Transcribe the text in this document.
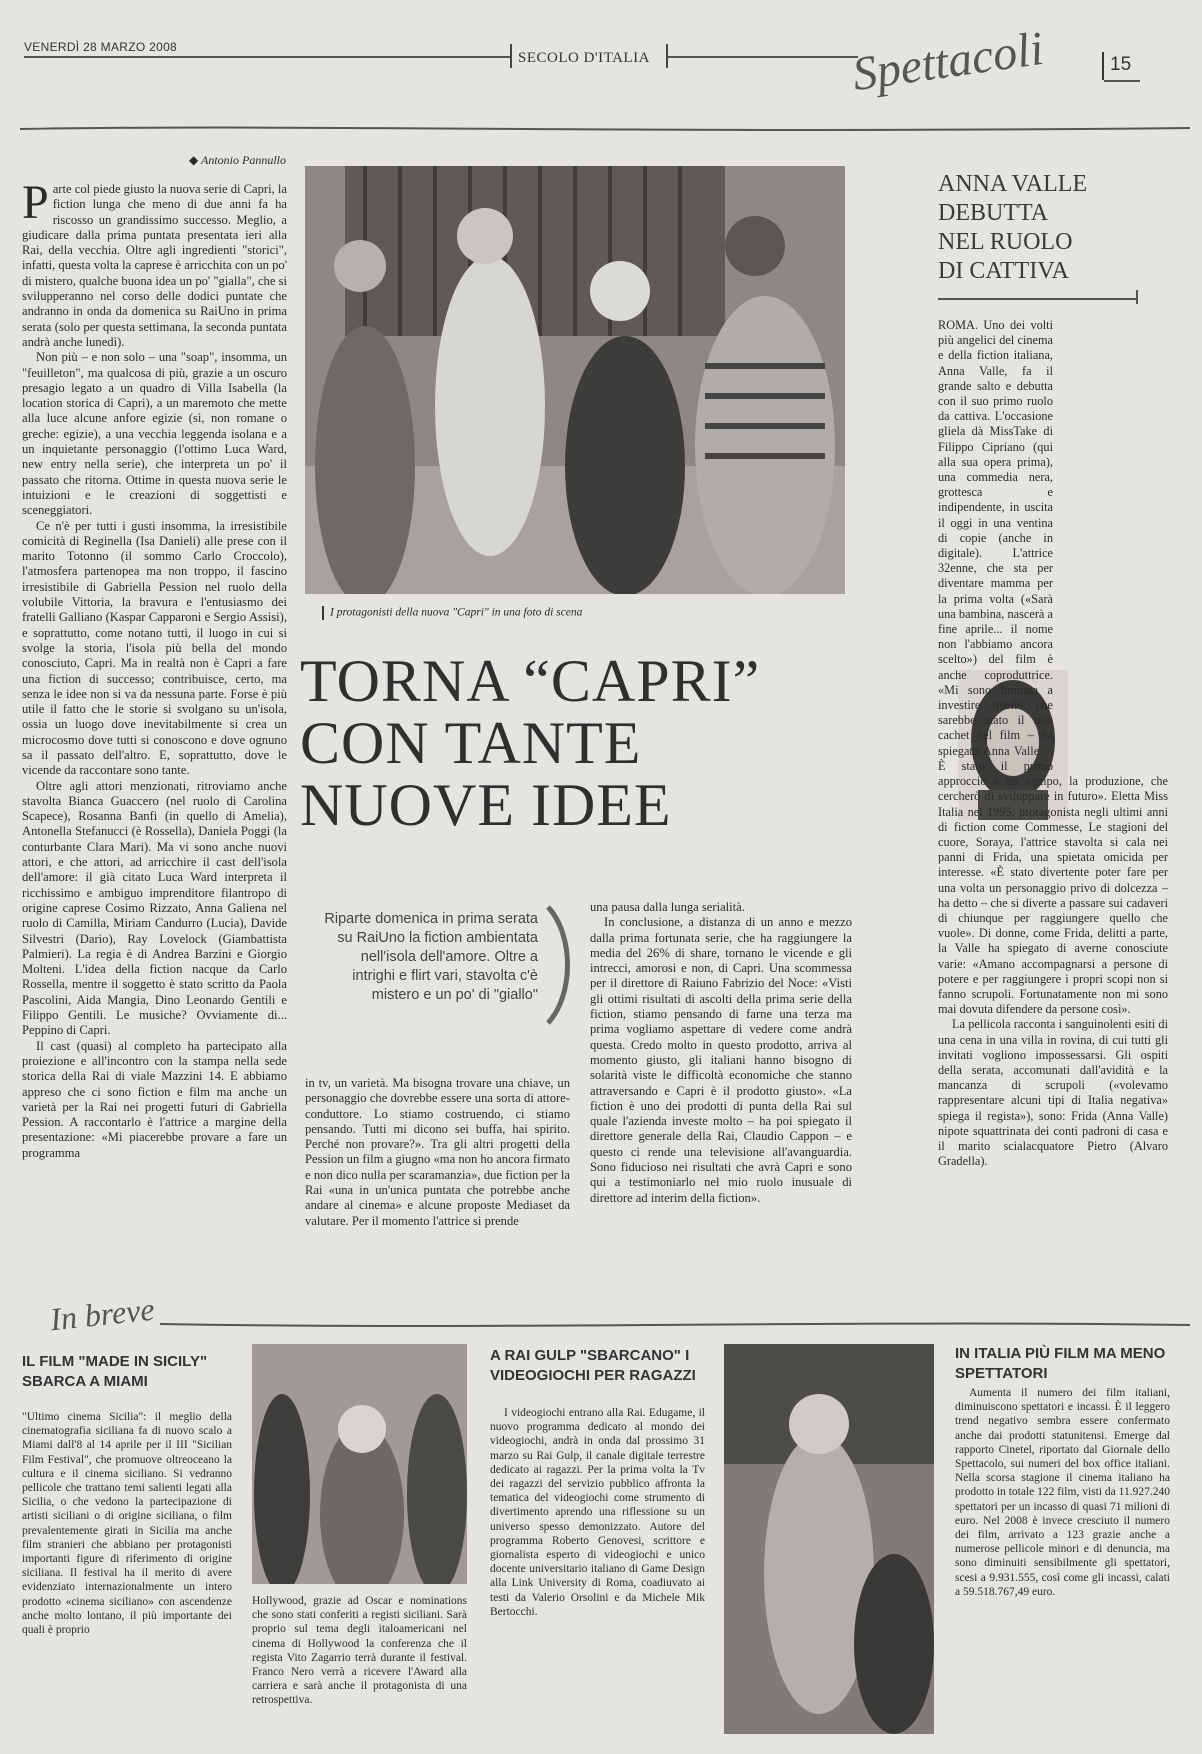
VENERDÌ 28 MARZO 2008
SECOLO D'ITALIA	Spettacoli	15
◆ Antonio Pannullo
P arte col piede giusto la nuova serie di Capri, la fiction lunga che meno di due anni fa ha riscosso un grandissimo successo. Meglio, a giudicare dalla prima puntata presentata ieri alla Rai, della vecchia. Oltre agli ingredienti "storici", infatti, questa volta la caprese è arricchita con un po' di mistero, qualche buona idea un po' "gialla", che si svilupperanno nel corso delle dodici puntate che andranno in onda da domenica su RaiUno in prima serata (solo per questa settimana, la seconda puntata andrà anche lunedì).

Non più – e non solo – una "soap", insomma, un "feuilleton", ma qualcosa di più, grazie a un oscuro presagio legato a un quadro di Villa Isabella (la location storica di Capri), a un maremoto che mette alla luce alcune anfore egizie (sì, non romane o greche: egizie), a una vecchia leggenda isolana e a un inquietante personaggio (l'ottimo Luca Ward, new entry nella serie), che interpreta un po' il passato che ritorna. Ottime in questa nuova serie le intuizioni e le creazioni di soggettisti e sceneggiatori.

Ce n'è per tutti i gusti insomma, la irresistibile comicità di Reginella (Isa Danieli) alle prese con il marito Totonno (il sommo Carlo Croccolo), l'atmosfera partenopea ma non troppo, il fascino irresistibile di Gabriella Pession nel ruolo della volubile Vittoria, la bravura e l'entusiasmo dei fratelli Galliano (Kaspar Capparoni e Sergio Assisi), e soprattutto, come notano tutti, il luogo in cui si svolge la storia, l'isola più bella del mondo conosciuto, Capri. Ma in realtà non è Capri a fare una fiction di successo; contribuisce, certo, ma senza le idee non si va da nessuna parte. Forse è più utile il fatto che le storie si svolgano su un'isola, ossia un luogo dove inevitabilmente si crea un microcosmo dove tutti si conoscono e dove ognuno sa il passato dell'altro. E, soprattutto, dove le vicende da raccontare sono tante.

Oltre agli attori menzionati, ritroviamo anche stavolta Bianca Guaccero (nel ruolo di Carolina Scapece), Rosanna Banfi (in quello di Amelia), Antonella Stefanucci (è Rossella), Daniela Poggi (la conturbante Clara Mari). Ma vi sono anche nuovi attori, e che attori, ad arricchire il cast dell'isola dell'amore: il già citato Luca Ward interpreta il ricchissimo e ambiguo imprenditore filantropo di origine caprese Cosimo Rizzato, Anna Galiena nel ruolo di Camilla, Miriam Candurro (Lucia), Davide Silvestri (Dario), Ray Lovelock (Giambattista Palmieri). La regia è di Andrea Barzini e Giorgio Molteni. L'idea della fiction nacque da Carlo Rossella, mentre il soggetto è stato scritto da Paola Pascolini, Aida Mangia, Dino Leonardo Gentili e Filippo Gentili. Le musiche? Ovviamente di... Peppino di Capri.

Il cast (quasi) al completo ha partecipato alla proiezione e all'incontro con la stampa nella sede storica della Rai di viale Mazzini 14. E abbiamo appreso che ci sono fiction e film ma anche un varietà per la Rai nei progetti futuri di Gabriella Pession. A raccontarlo è l'attrice a margine della presentazione: «Mi piacerebbe provare a fare un programma

I protagonisti della nuova "Capri" in una foto di scena
TORNA “CAPRI”
CON TANTE
NUOVE IDEE
Riparte domenica in prima serata su RaiUno la fiction ambientata nell'isola dell'amore. Oltre a intrighi e flirt vari, stavolta c'è mistero e un po' di "giallo"

in tv, un varietà. Ma bisogna trovare una chiave, un personaggio che dovrebbe essere una sorta di attore-conduttore. Lo stiamo costruendo, ci stiamo pensando. Tutti mi dicono sei buffa, hai spirito. Perché non provare?». Tra gli altri progetti della Pession un film a giugno «ma non ho ancora firmato e non dico nulla per scaramanzia», due fiction per la Rai «una in un'unica puntata che potrebbe anche andare al cinema» e alcune proposte Mediaset da valutare. Per il momento l'attrice si prende

una pausa dalla lunga serialità.

In conclusione, a distanza di un anno e mezzo dalla prima fortunata serie, che ha raggiungere la media del 26% di share, tornano le vicende e gli intrecci, amorosi e non, di Capri. Una scommessa per il direttore di Raiuno Fabrizio del Noce: «Visti gli ottimi risultati di ascolti della prima serie della fiction, stiamo pensando di farne una terza ma prima vogliamo aspettare di vedere come andrà questa. Credo molto in questo prodotto, arriva al momento giusto, gli italiani hanno bisogno di solarità viste le difficoltà economiche che stanno attraversando e Capri è il prodotto giusto». «La fiction è uno dei prodotti di punta della Rai sul quale l'azienda investe molto – ha poi spiegato il direttore generale della Rai, Claudio Cappon – e questo ci rende una televisione all'avanguardia. Sono fiducioso nei risultati che avrà Capri e sono qui a testimoniarlo nel mio ruolo inusuale di direttore ad interim della fiction».

ANNA VALLE
DEBUTTA
NEL RUOLO
DI CATTIVA

ROMA. Uno dei volti più angelici del cinema e della fiction italiana, Anna Valle, fa il grande salto e debutta con il suo primo ruolo da cattiva. L'occasione gliela dà MissTake di Filippo Cipriano (qui alla sua opera prima), una commedia nera, grottesca e indipendente, in uscita il oggi in una ventina di copie (anche in digitale). L'attrice 32enne, che sta per diventare mamma per la prima volta («Sarà una bambina, nascerà a fine aprile... il nome non l'abbiamo ancora scelto») del film è anche coproduttrice. «Mi sono limitata a investire quello che sarebbe stato il mio cachet nel film – ha spiegato Anna Valle –. È stato il primo approccio a un campo, la produzione, che cercherò di sviluppare in futuro». Eletta Miss Italia nel 1995, protagonista negli ultimi anni di fiction come Commesse, Le stagioni del cuore, Soraya, l'attrice stavolta si cala nei panni di Frida, una spietata omicida per interesse. «È stato divertente poter fare per una volta un personaggio privo di dolcezza – ha detto – che si diverte a passare sui cadaveri di chiunque per raggiungere quello che vuole». Di donne, come Frida, delitti a parte, la Valle ha spiegato di averne conosciute varie: «Amano accompagnarsi a persone di potere e per raggiungere i propri scopi non si fanno scrupoli. Fortunatamente non mi sono mai dovuta difendere da persone così».

La pellicola racconta i sanguinolenti esiti di una cena in una villa in rovina, di cui tutti gli invitati vogliono impossessarsi. Gli ospiti della serata, accomunati dall'avidità e la mancanza di scrupoli («volevamo rappresentare alcuni tipi di Italia negativa» spiega il regista»), sono: Frida (Anna Valle) nipote squattrinata dei conti padroni di casa e il marito scialacquatore Pietro (Alvaro Gradella).

In breve
IL FILM "MADE IN SICILY" SBARCA A MIAMI

"Ultimo cinema Sicilia": il meglio della cinematografia siciliana fa di nuovo scalo a Miami dall'8 al 14 aprile per il III "Sicilian Film Festival", che promuove oltreoceano la cultura e il cinema siciliano. Si vedranno pellicole che trattano temi salienti legati alla Sicilia, o che vedono la partecipazione di artisti siciliani o di origine siciliana, o film prevalentemente girati in Sicilia ma anche film stranieri che abbiano per protagonisti importanti figure di riferimento di origine siciliana. Il festival ha il merito di avere evidenziato internazionalmente un intero prodotto «cinema siciliano» con ascendenze anche molto lontano, il più importante dei quali è proprio

Hollywood, grazie ad Oscar e nominations che sono stati conferiti a registi siciliani. Sarà proprio sul tema degli italoamericani nel cinema di Hollywood la conferenza che il regista Vito Zagarrio terrà durante il festival. Franco Nero verrà a ricevere l'Award alla carriera e sarà anche il protagonista di una retrospettiva.

A RAI GULP "SBARCANO" I VIDEOGIOCHI PER RAGAZZI

I videogiochi entrano alla Rai. Edugame, il nuovo programma dedicato al mondo dei videogiochi, andrà in onda dal prossimo 31 marzo su Rai Gulp, il canale digitale terrestre dedicato ai ragazzi. Per la prima volta la Tv dei ragazzi del servizio pubblico affronta la tematica del videogiochi come strumento di divertimento aprendo una riflessione su un universo spesso demonizzato. Autore del programma Roberto Genovesi, scrittore e giornalista esperto di videogiochi e unico docente universitario italiano di Game Design alla Link University di Roma, coadiuvato ai testi da Valerio Orsolini e da Michele Mik Bertocchi.

IN ITALIA PIÙ FILM MA MENO SPETTATORI

Aumenta il numero dei film italiani, diminuiscono spettatori e incassi. È il leggero trend negativo sembra essere confermato anche dai prodotti statunitensi. Emerge dal rapporto Cinetel, riportato dal Giornale dello Spettacolo, sui numeri del box office italiani. Nella scorsa stagione il cinema italiano ha prodotto in totale 122 film, visti da 11.927.240 spettatori per un incasso di quasi 71 milioni di euro. Nel 2008 è invece cresciuto il numero dei film, arrivato a 123 grazie anche a numerose pellicole minori e di denuncia, ma sono diminuiti sensibilmente gli spettatori, scesi a 9.931.555, così come gli incassi, calati a 59.518.767,49 euro.
